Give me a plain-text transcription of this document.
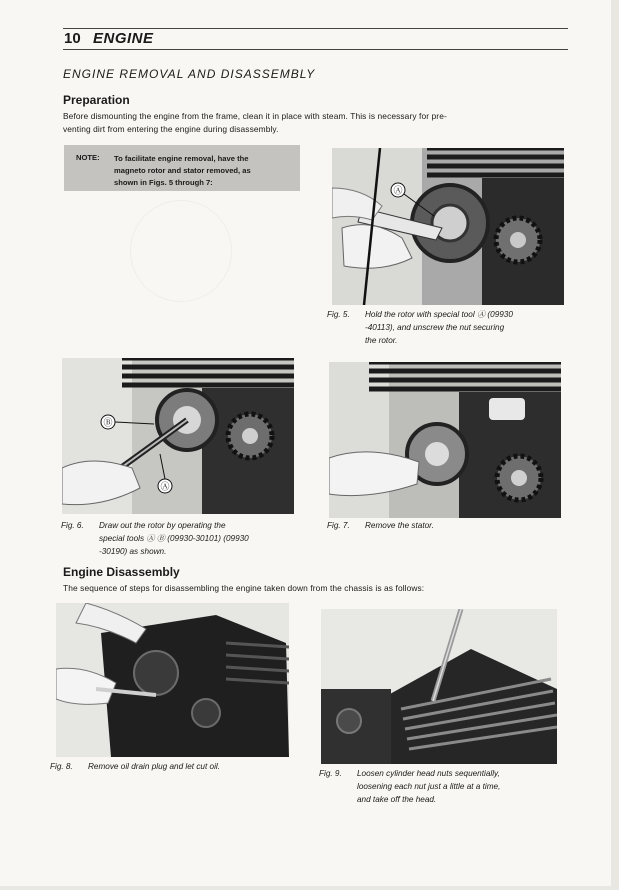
10 ENGINE
ENGINE REMOVAL AND DISASSEMBLY
Preparation
Before dismounting the engine from the frame, clean it in place with steam. This is necessary for pre-
venting dirt from entering the engine during disassembly.
NOTE: To facilitate engine removal, have the
magneto rotor and stator removed, as
shown in Figs. 5 through 7:
Ⓐ
Fig. 5. Hold the rotor with special tool Ⓐ (09930
-40113), and unscrew the nut securing
the rotor.
Ⓑ
Ⓐ
Fig. 6. Draw out the rotor by operating the
special tools Ⓐ Ⓑ (09930-30101) (09930
-30190) as shown.
Fig. 7. Remove the stator.
Engine Disassembly
The sequence of steps for disassembling the engine taken down from the chassis is as follows:
Fig. 8. Remove oil drain plug and let cut oil.
Fig. 9. Loosen cylinder head nuts sequentially,
loosening each nut just a little at a time,
and take off the head.
